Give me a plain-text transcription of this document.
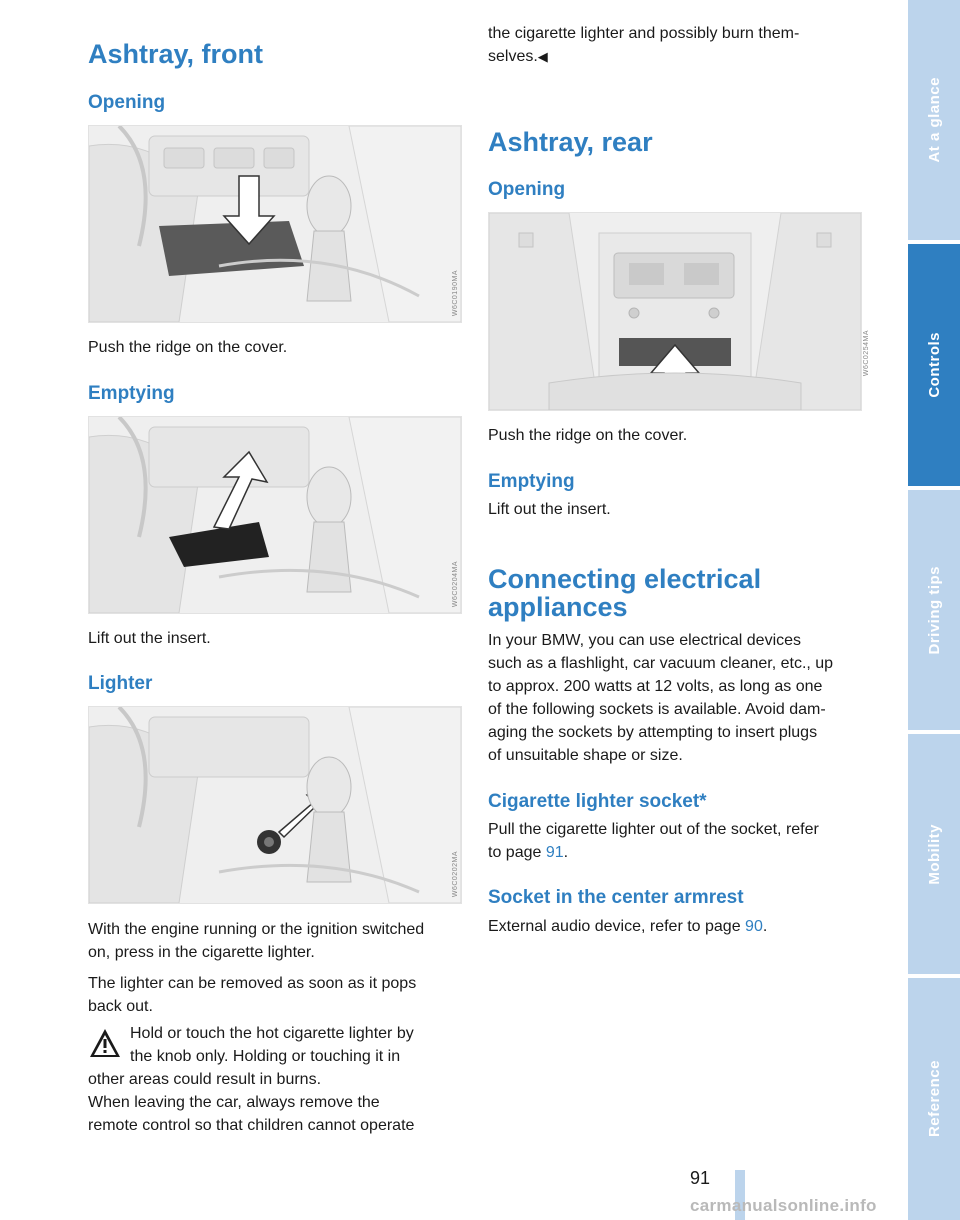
Ashtray, front
Opening
W6C0190MA

Push the ridge on the cover.

Emptying
W6C0204MA

Lift out the insert.

Lighter
W6C0202MA

With the engine running or the ignition switched
on, press in the cigarette lighter.

The lighter can be removed as soon as it pops
back out.

Hold or touch the hot cigarette lighter by
the knob only. Holding or touching it in

other areas could result in burns.
When leaving the car, always remove the
remote control so that children cannot operate

the cigarette lighter and possibly burn them-
selves.◀

Ashtray, rear
Opening
W6C0254MA

Push the ridge on the cover.

Emptying

Lift out the insert.

Connecting electrical
appliances

In your BMW, you can use electrical devices
such as a flashlight, car vacuum cleaner, etc., up
to approx. 200 watts at 12 volts, as long as one
of the following sockets is available. Avoid dam-
aging the sockets by attempting to insert plugs
of unsuitable shape or size.

Cigarette lighter socket*

Pull the cigarette lighter out of the socket, refer
to page 91.

Socket in the center armrest

External audio device, refer to page 90.

At a glance
Controls
Driving tips
Mobility
Reference
91
carmanualsonline.info
